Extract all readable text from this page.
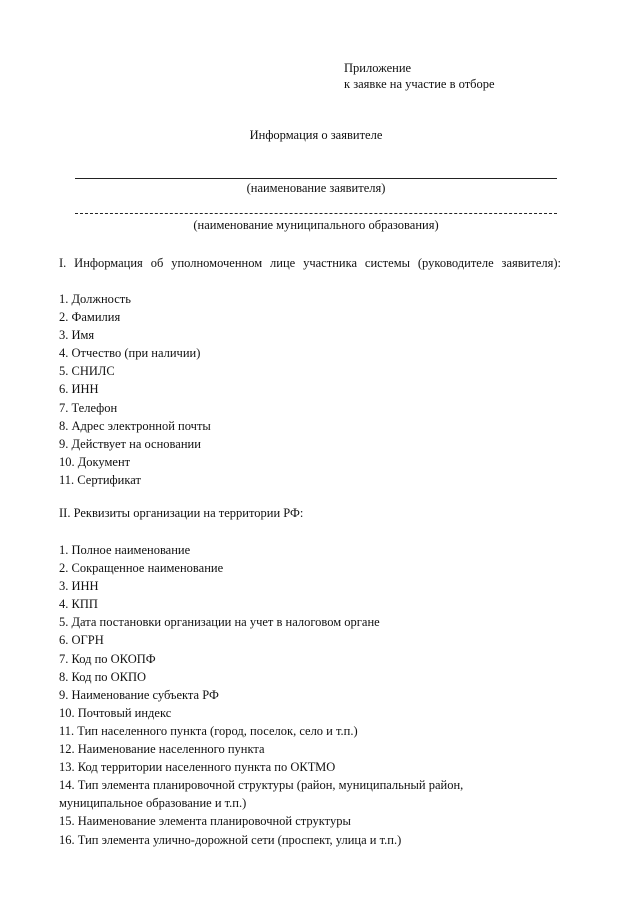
Приложение
к заявке на участие в отборе
Информация о заявителе
(наименование заявителя)
(наименование муниципального образования)
I. Информация об уполномоченном лице участника системы (руководителе заявителя):
1. Должность
2. Фамилия
3. Имя
4. Отчество (при наличии)
5. СНИЛС
6. ИНН
7. Телефон
8. Адрес электронной почты
9. Действует на основании
10. Документ
11. Сертификат
II. Реквизиты организации на территории РФ:
1. Полное наименование
2. Сокращенное наименование
3. ИНН
4. КПП
5. Дата постановки организации на учет в налоговом органе
6. ОГРН
7. Код по ОКОПФ
8. Код по ОКПО
9. Наименование субъекта РФ
10. Почтовый индекс
11. Тип населенного пункта (город, поселок, село и т.п.)
12. Наименование населенного пункта
13. Код территории населенного пункта по ОКТМО
14. Тип элемента планировочной структуры (район, муниципальный район, муниципальное образование и т.п.)
15. Наименование элемента планировочной структуры
16. Тип элемента улично-дорожной сети (проспект, улица и т.п.)
